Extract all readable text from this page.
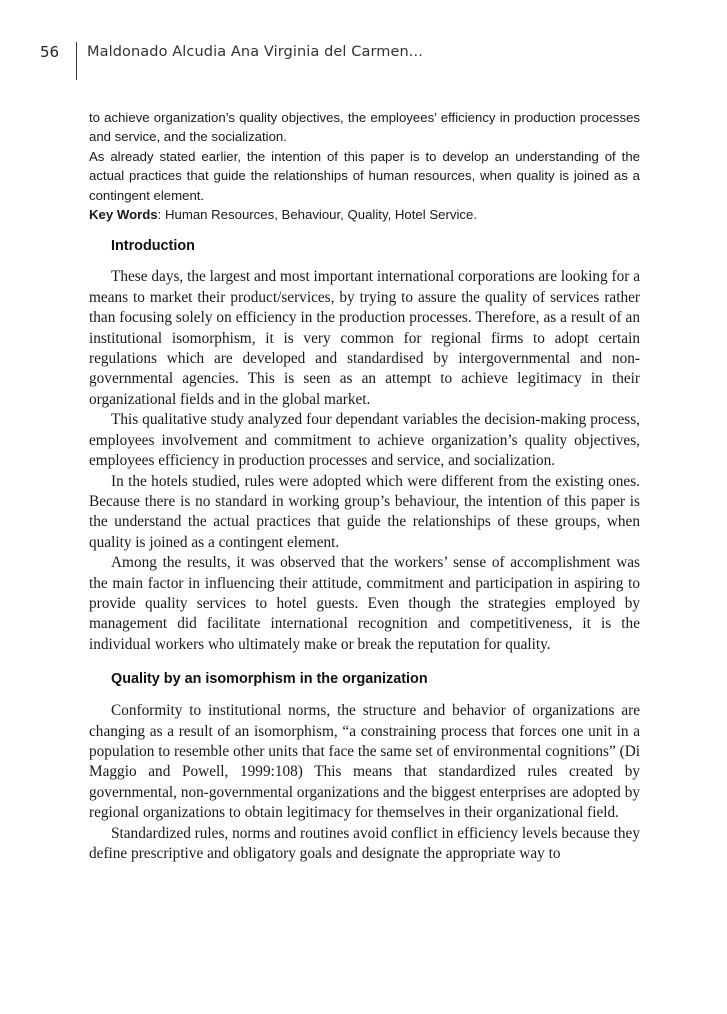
56	Maldonado Alcudia Ana Virginia del Carmen...

to achieve organization’s quality objectives, the employees’ efficiency in production processes and service, and the socialization.

As already stated earlier, the intention of this paper is to develop an understanding of the actual practices that guide the relationships of human resources, when quality is joined as a contingent element.

Key Words: Human Resources, Behaviour, Quality, Hotel Service.

Introduction

These days, the largest and most important international corporations are looking for a means to market their product/services, by trying to assure the quality of services rather than focusing solely on efficiency in the production processes. Therefore, as a result of an institutional isomorphism, it is very common for regional firms to adopt certain regulations which are developed and standardised by intergovernmental and non-governmental agencies. This is seen as an attempt to achieve legitimacy in their organizational fields and in the global market.

This qualitative study analyzed four dependant variables the decision-making process, employees involvement and commitment to achieve organization’s quality objectives, employees efficiency in production processes and service, and socialization.

In the hotels studied, rules were adopted which were different from the existing ones. Because there is no standard in working group’s behaviour, the intention of this paper is the understand the actual practices that guide the relationships of these groups, when quality is joined as a contingent element.

Among the results, it was observed that the workers’ sense of accomplishment was the main factor in influencing their attitude, commitment and participation in aspiring to provide quality services to hotel guests. Even though the strategies employed by management did facilitate international recognition and competitiveness, it is the individual workers who ultimately make or break the reputation for quality.

Quality by an isomorphism in the organization

Conformity to institutional norms, the structure and behavior of organizations are changing as a result of an isomorphism, “a constraining process that forces one unit in a population to resemble other units that face the same set of environmental cognitions” (Di Maggio and Powell, 1999:108) This means that standardized rules created by governmental, non-governmental organizations and the biggest enterprises are adopted by regional organizations to obtain legitimacy for themselves in their organizational field.

Standardized rules, norms and routines avoid conflict in efficiency levels because they define prescriptive and obligatory goals and designate the appropriate way to
